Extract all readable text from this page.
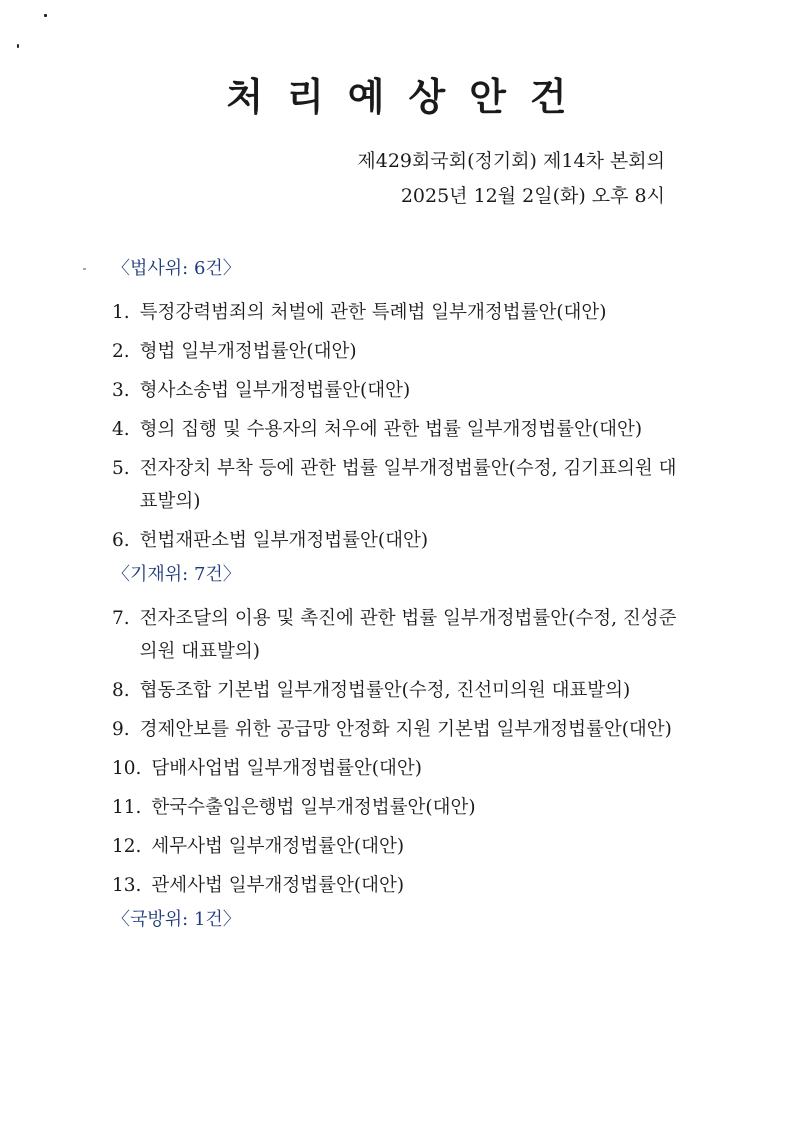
처리예상안건
제429회국회(정기회) 제14차 본회의
2025년 12월 2일(화) 오후 8시
〈법사위: 6건〉
1. 특정강력범죄의 처벌에 관한 특례법 일부개정법률안(대안)
2. 형법 일부개정법률안(대안)
3. 형사소송법 일부개정법률안(대안)
4. 형의 집행 및 수용자의 처우에 관한 법률 일부개정법률안(대안)
5. 전자장치 부착 등에 관한 법률 일부개정법률안(수정, 김기표의원 대표발의)
6. 헌법재판소법 일부개정법률안(대안)
〈기재위: 7건〉
7. 전자조달의 이용 및 촉진에 관한 법률 일부개정법률안(수정, 진성준의원 대표발의)
8. 협동조합 기본법 일부개정법률안(수정, 진선미의원 대표발의)
9. 경제안보를 위한 공급망 안정화 지원 기본법 일부개정법률안(대안)
10. 담배사업법 일부개정법률안(대안)
11. 한국수출입은행법 일부개정법률안(대안)
12. 세무사법 일부개정법률안(대안)
13. 관세사법 일부개정법률안(대안)
〈국방위: 1건〉
